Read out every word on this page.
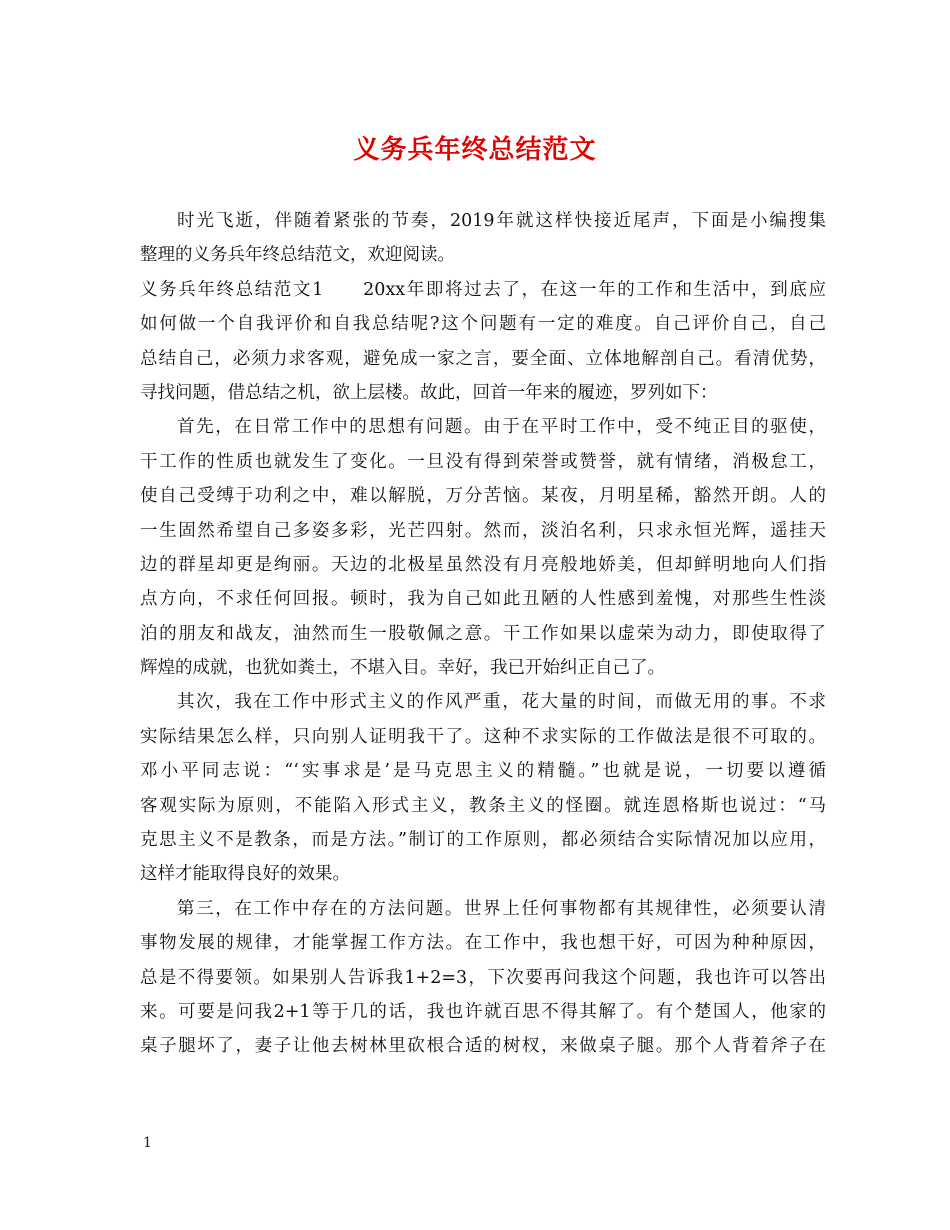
义务兵年终总结范文
时光飞逝，伴随着紧张的节奏，2019年就这样快接近尾声，下面是小编搜集
整理的义务兵年终总结范文，欢迎阅读。
义务兵年终总结范文1　　20xx年即将过去了，在这一年的工作和生活中，到底应
如何做一个自我评价和自我总结呢?这个问题有一定的难度。自己评价自己，自己
总结自己，必须力求客观，避免成一家之言，要全面、立体地解剖自己。看清优势，
寻找问题，借总结之机，欲上层楼。故此，回首一年来的履迹，罗列如下：
首先，在日常工作中的思想有问题。由于在平时工作中，受不纯正目的驱使，
干工作的性质也就发生了变化。一旦没有得到荣誉或赞誉，就有情绪，消极怠工，
使自己受缚于功利之中，难以解脱，万分苦恼。某夜，月明星稀，豁然开朗。人的
一生固然希望自己多姿多彩，光芒四射。然而，淡泊名利，只求永恒光辉，遥挂天
边的群星却更是绚丽。天边的北极星虽然没有月亮般地娇美，但却鲜明地向人们指
点方向，不求任何回报。顿时，我为自己如此丑陋的人性感到羞愧，对那些生性淡
泊的朋友和战友，油然而生一股敬佩之意。干工作如果以虚荣为动力，即使取得了
辉煌的成就，也犹如粪土，不堪入目。幸好，我已开始纠正自己了。
其次，我在工作中形式主义的作风严重，花大量的时间，而做无用的事。不求
实际结果怎么样，只向别人证明我干了。这种不求实际的工作做法是很不可取的。
邓小平同志说：“‘实事求是’是马克思主义的精髓。”也就是说，一切要以遵循
客观实际为原则，不能陷入形式主义，教条主义的怪圈。就连恩格斯也说过：“马
克思主义不是教条，而是方法。”制订的工作原则，都必须结合实际情况加以应用，
这样才能取得良好的效果。
第三，在工作中存在的方法问题。世界上任何事物都有其规律性，必须要认清
事物发展的规律，才能掌握工作方法。在工作中，我也想干好，可因为种种原因，
总是不得要领。如果别人告诉我1+2=3，下次要再问我这个问题，我也许可以答出
来。可要是问我2+1等于几的话，我也许就百思不得其解了。有个楚国人，他家的
桌子腿坏了，妻子让他去树林里砍根合适的树杈，来做桌子腿。那个人背着斧子在
1
